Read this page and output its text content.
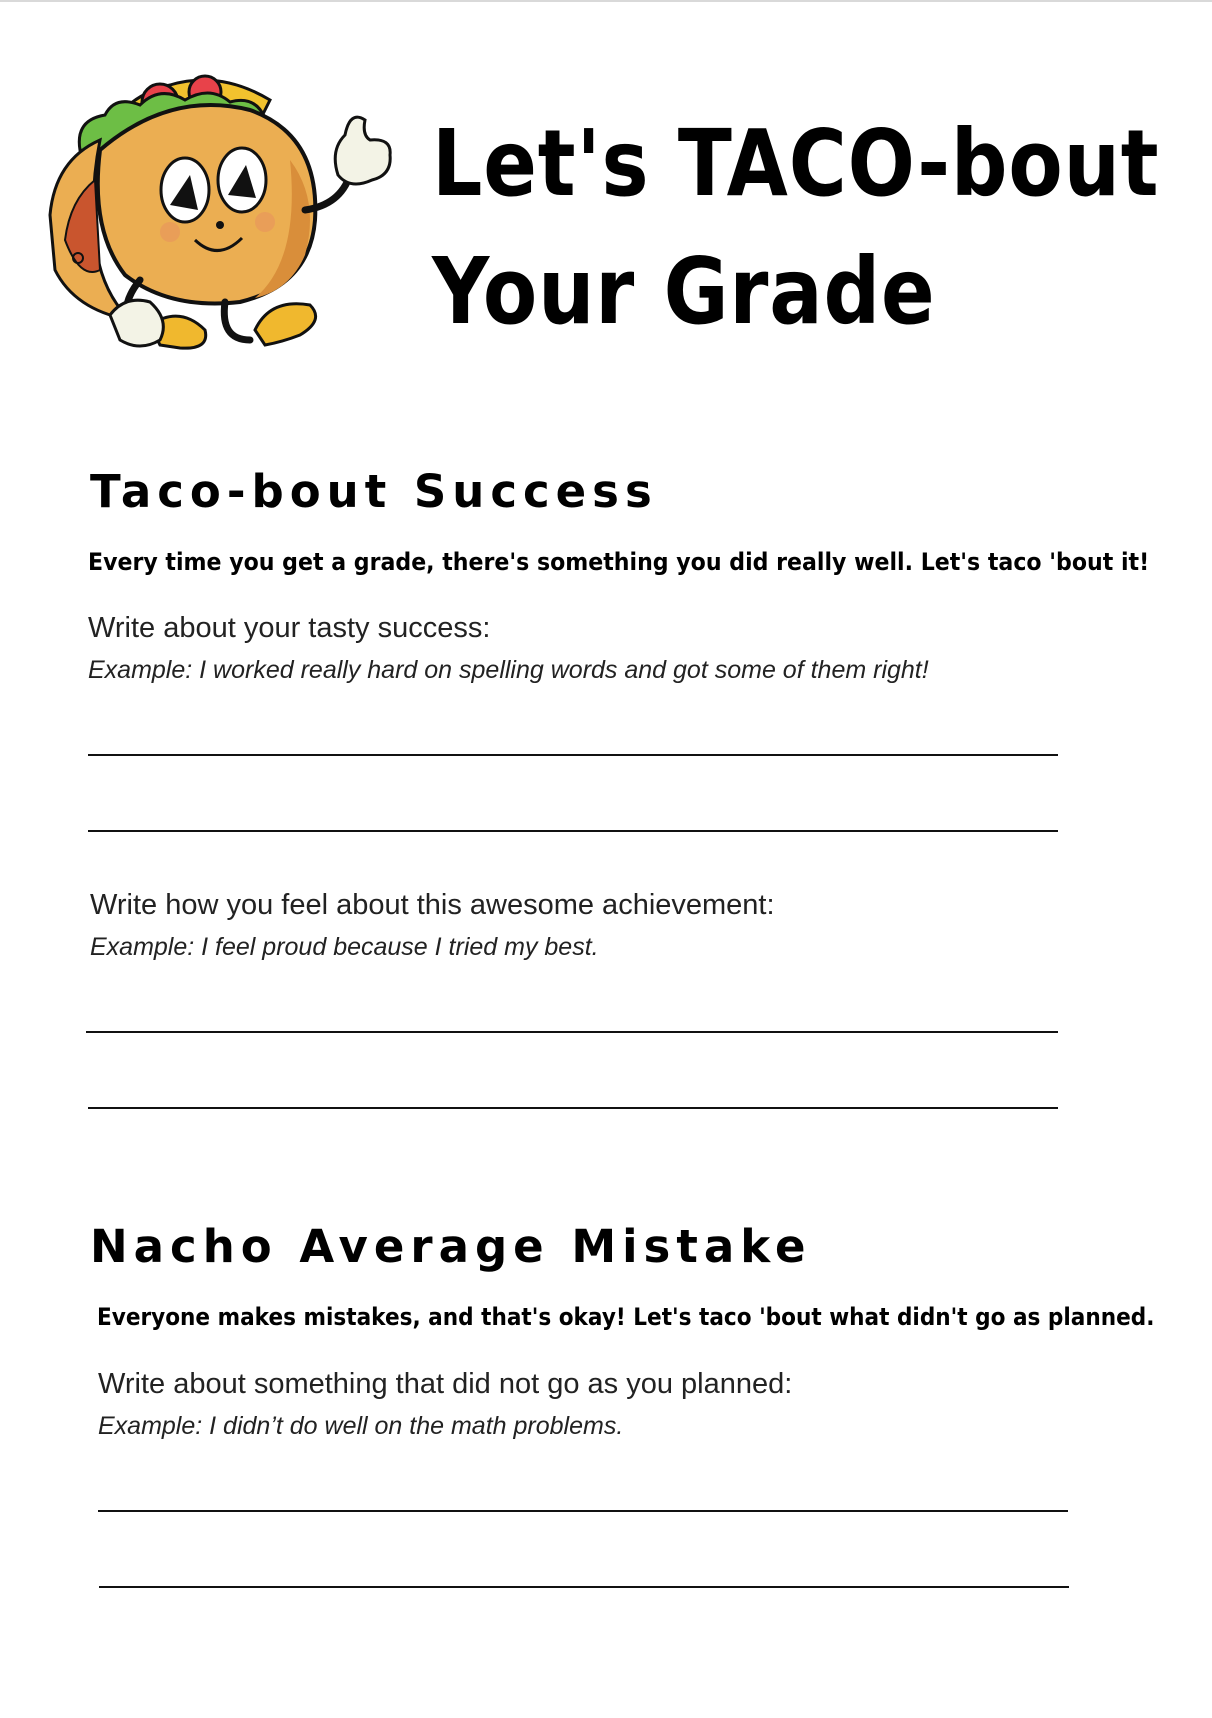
Let's TACO-bout
Your Grade
Taco-bout Success

Every time you get a grade, there's something you did really well. Let's taco 'bout it!

Write about your tasty success:

Example: I worked really hard on spelling words and got some of them right!

Write how you feel about this awesome achievement:

Example: I feel proud because I tried my best.

Nacho Average Mistake

Everyone makes mistakes, and that's okay! Let's taco 'bout what didn't go as planned.

Write about something that did not go as you planned:

Example: I didn’t do well on the math problems.
